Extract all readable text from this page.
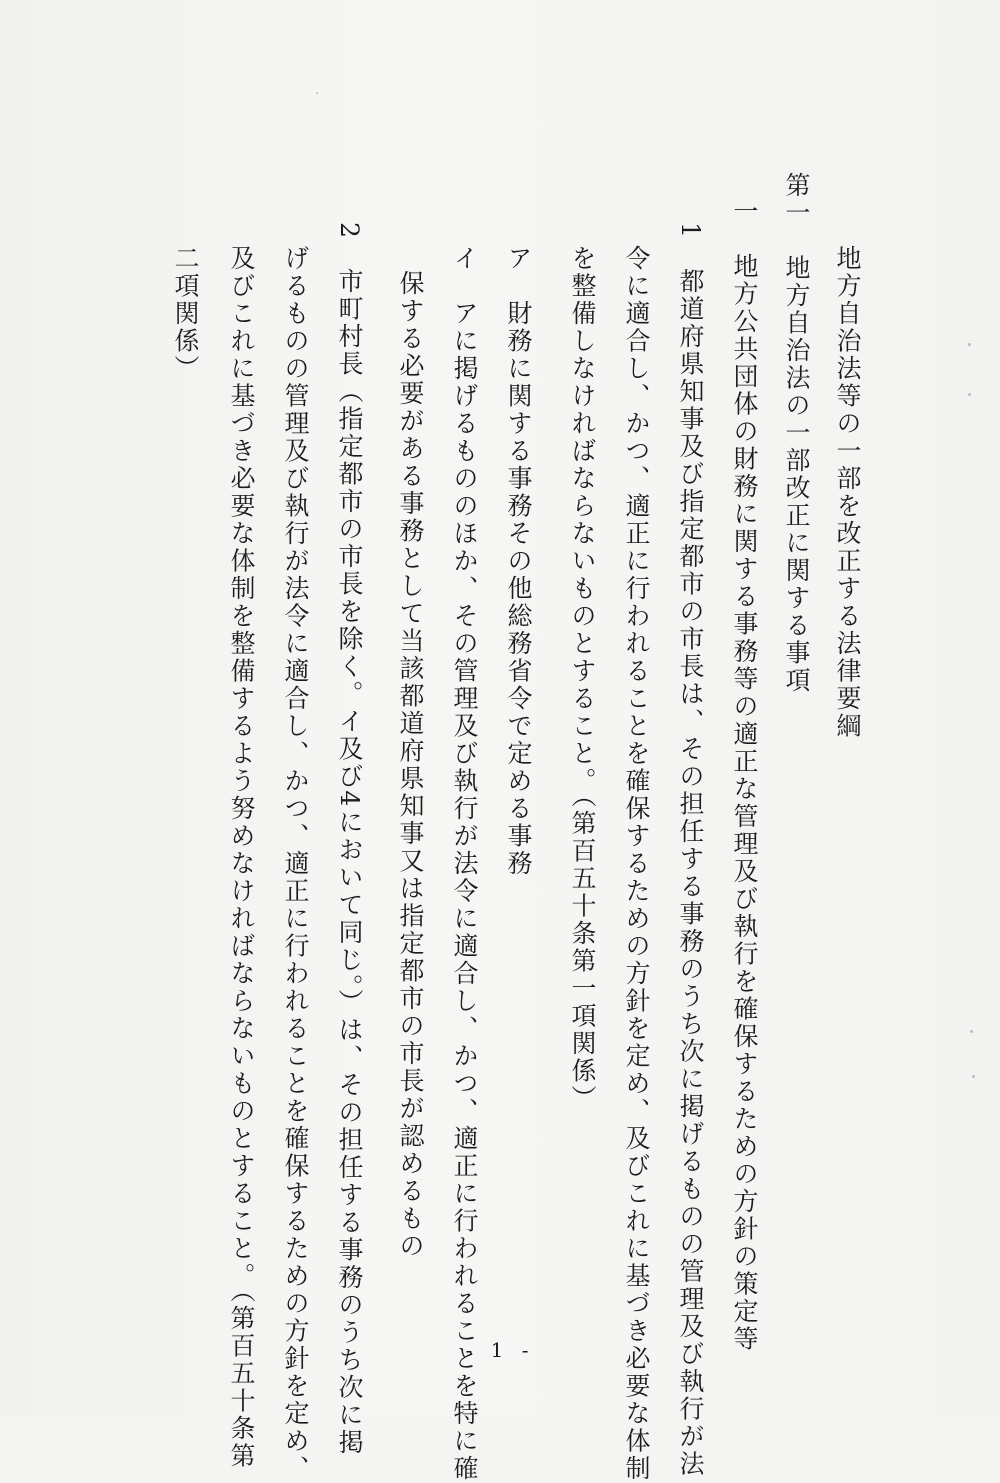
地方自治法等の一部を改正する法律要綱
第一　地方自治法の一部改正に関する事項
一　地方公共団体の財務に関する事務等の適正な管理及び執行を確保するための方針の策定等
1　都道府県知事及び指定都市の市長は、その担任する事務のうち次に掲げるものの管理及び執行が法
令に適合し、かつ、適正に行われることを確保するための方針を定め、及びこれに基づき必要な体制
を整備しなければならないものとすること。（第百五十条第一項関係）
ア　財務に関する事務その他総務省令で定める事務
イ　アに掲げるもののほか、その管理及び執行が法令に適合し、かつ、適正に行われることを特に確
保する必要がある事務として当該都道府県知事又は指定都市の市長が認めるもの
2　市町村長（指定都市の市長を除く。イ及び4において同じ。）は、その担任する事務のうち次に掲
げるものの管理及び執行が法令に適合し、かつ、適正に行われることを確保するための方針を定め、
及びこれに基づき必要な体制を整備するよう努めなければならないものとすること。（第百五十条第
二項関係）
- 1 -
